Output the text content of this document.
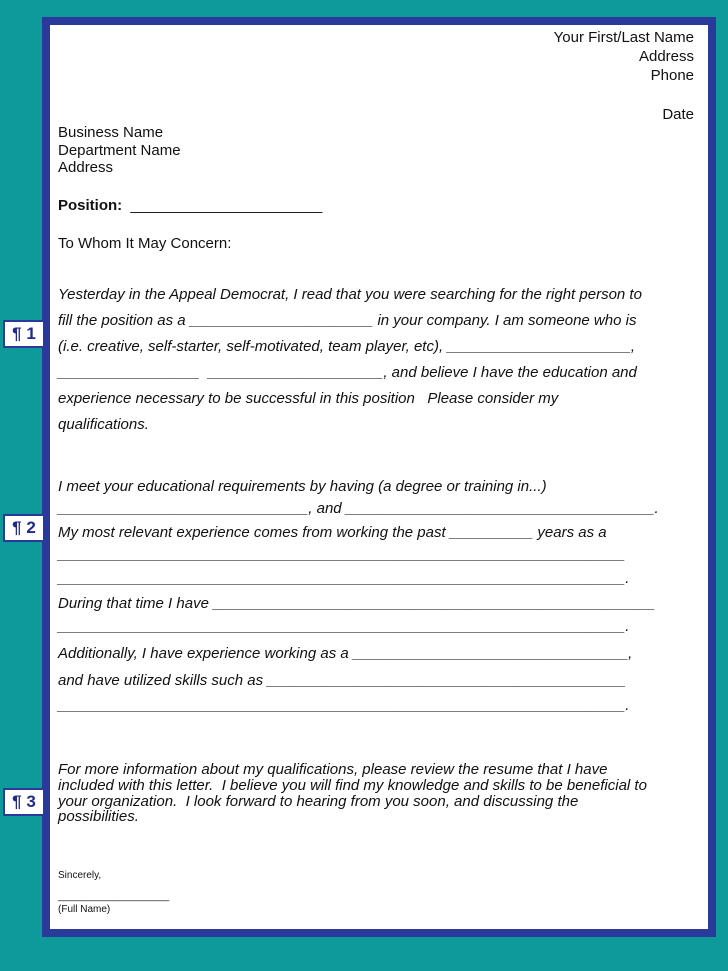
Your First/Last Name
Address
Phone
Date
Business Name
Department Name
Address
Position: _______________________
To Whom It May Concern:
Yesterday in the Appeal Democrat, I read that you were searching for the right person to
fill the position as a ______________________ in your company. I am someone who is
(i.e. creative, self-starter, self-motivated, team player, etc), ______________________,
_________________  _____________________, and believe I have the education and
experience necessary to be successful in this position   Please consider my
qualifications.
I meet your educational requirements by having (a degree or training in...)
______________________________, and _____________________________________.
My most relevant experience comes from working the past __________ years as a
____________________________________________________________________
____________________________________________________________________.
During that time I have _____________________________________________________
____________________________________________________________________.
Additionally, I have experience working as a _________________________________,
and have utilized skills such as ___________________________________________
____________________________________________________________________.
For more information about my qualifications, please review the resume that I have
included with this letter.  I believe you will find my knowledge and skills to be beneficial to
your organization.  I look forward to hearing from you soon, and discussing the
possibilities.
Sincerely,
____________________
(Full Name)
¶ 1
¶ 2
¶ 3
